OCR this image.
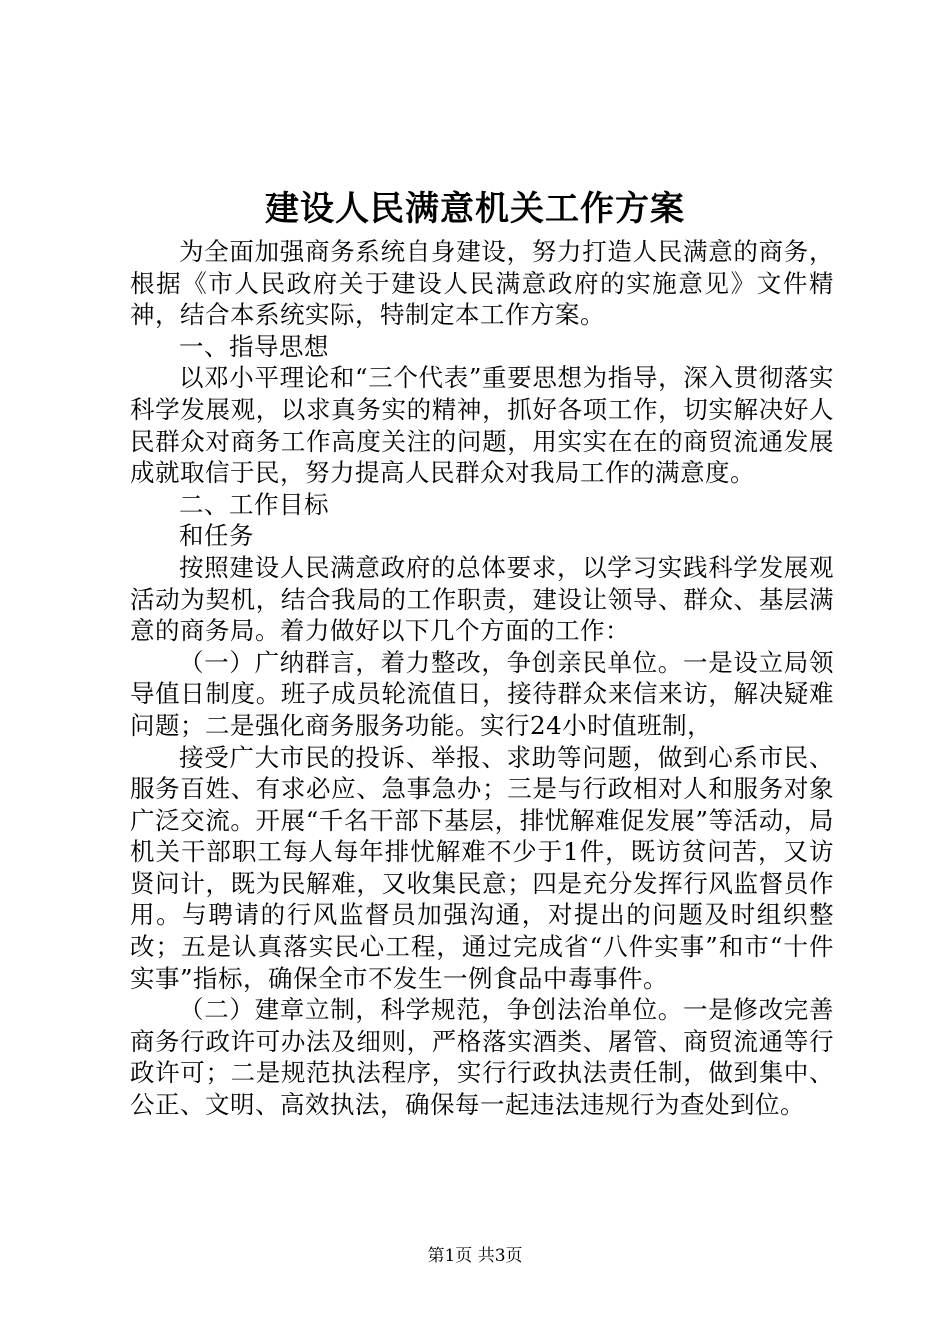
建设人民满意机关工作方案

为全面加强商务系统自身建设，努力打造人民满意的商务，根据《市人民政府关于建设人民满意政府的实施意见》文件精神，结合本系统实际，特制定本工作方案。

一、指导思想

以邓小平理论和“三个代表”重要思想为指导，深入贯彻落实科学发展观，以求真务实的精神，抓好各项工作，切实解决好人民群众对商务工作高度关注的问题，用实实在在的商贸流通发展成就取信于民，努力提高人民群众对我局工作的满意度。

二、工作目标

和任务

按照建设人民满意政府的总体要求，以学习实践科学发展观活动为契机，结合我局的工作职责，建设让领导、群众、基层满意的商务局。着力做好以下几个方面的工作：

（一）广纳群言，着力整改，争创亲民单位。一是设立局领导值日制度。班子成员轮流值日，接待群众来信来访，解决疑难问题；二是强化商务服务功能。实行24小时值班制，

接受广大市民的投诉、举报、求助等问题，做到心系市民、服务百姓、有求必应、急事急办；三是与行政相对人和服务对象广泛交流。开展“千名干部下基层，排忧解难促发展”等活动，局机关干部职工每人每年排忧解难不少于1件，既访贫问苦，又访贤问计，既为民解难，又收集民意；四是充分发挥行风监督员作用。与聘请的行风监督员加强沟通，对提出的问题及时组织整改；五是认真落实民心工程，通过完成省“八件实事”和市“十件实事”指标，确保全市不发生一例食品中毒事件。

（二）建章立制，科学规范，争创法治单位。一是修改完善商务行政许可办法及细则，严格落实酒类、屠管、商贸流通等行政许可；二是规范执法程序，实行行政执法责任制，做到集中、公正、文明、高效执法，确保每一起违法违规行为查处到位。

第1页 共3页
